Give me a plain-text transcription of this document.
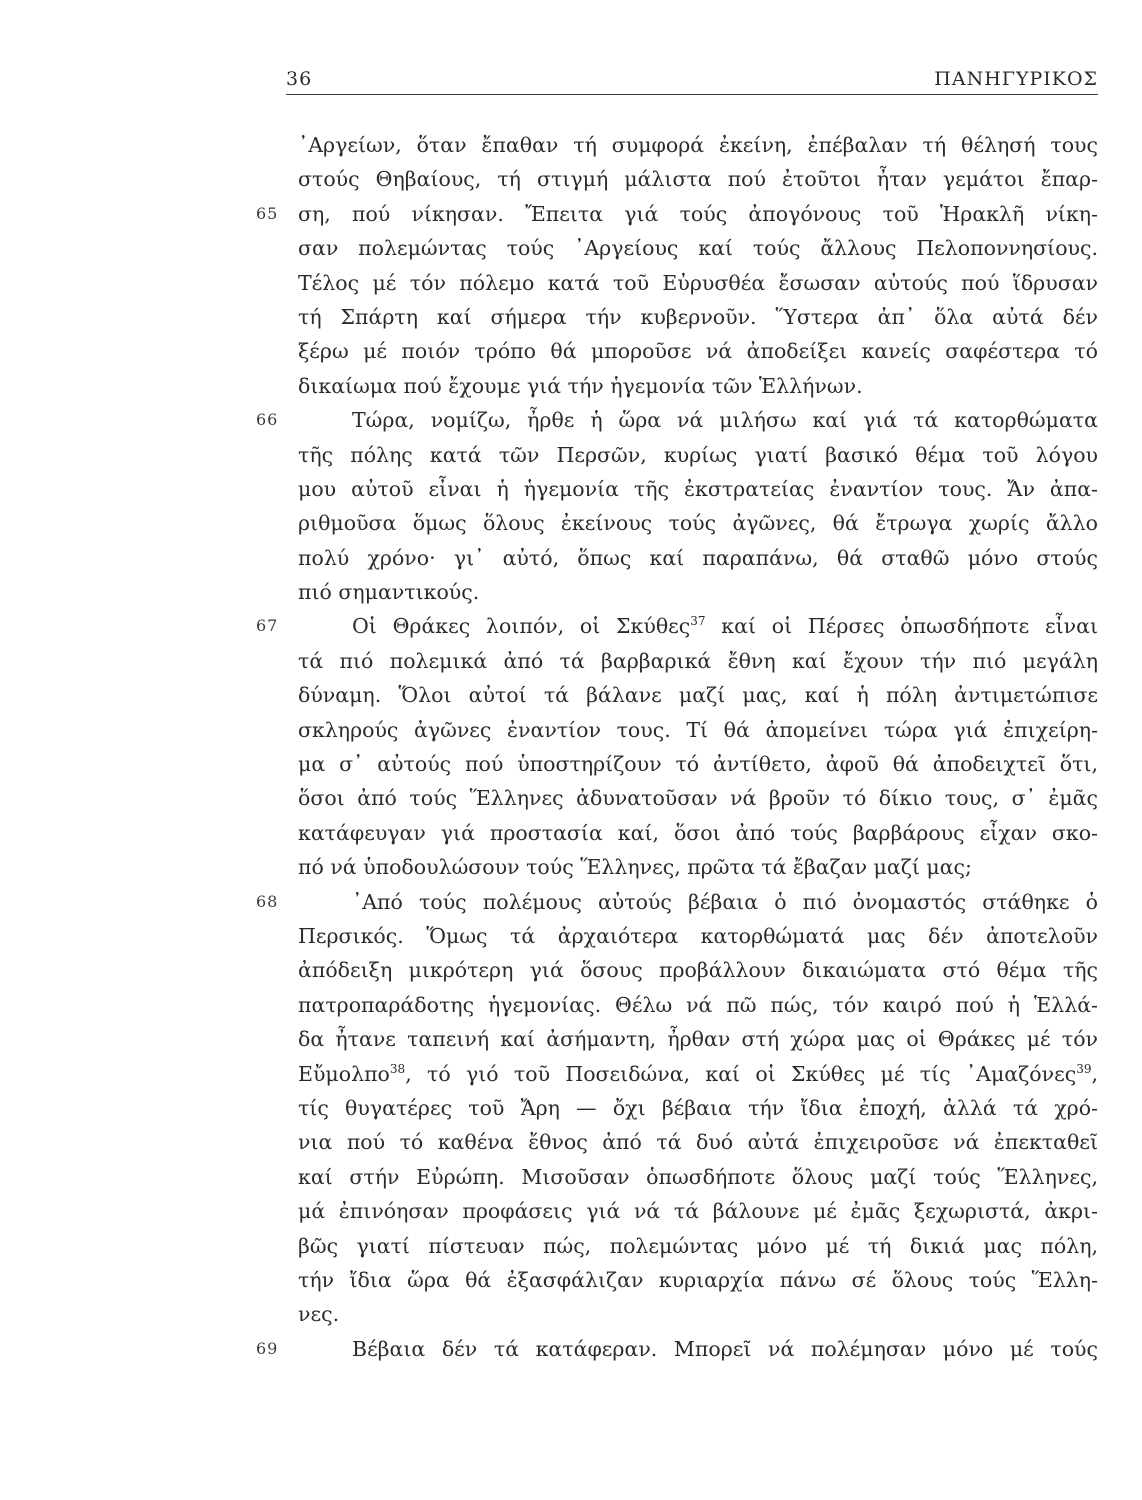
36	ΠΑΝΗΓΥΡΙΚΟΣ
᾿Αργείων, ὅταν ἔπαθαν τή συμφορά ἐκείνη, ἐπέβαλαν τή θέλησή τους
στούς Θηβαίους, τή στιγμή μάλιστα πού ἐτοῦτοι ἦταν γεμάτοι ἔπαρ-
65 ση, πού νίκησαν. Ἔπειτα γιά τούς ἀπογόνους τοῦ Ἡρακλῆ νίκη-
σαν πολεμώντας τούς ᾿Αργείους καί τούς ἄλλους Πελοποννησίους.
Τέλος μέ τόν πόλεμο κατά τοῦ Εὐρυσθέα ἔσωσαν αὐτούς πού ἵδρυσαν
τή Σπάρτη καί σήμερα τήν κυβερνοῦν. Ὕστερα ἀπ᾿ ὅλα αὐτά δέν
ξέρω μέ ποιόν τρόπο θά μποροῦσε νά ἀποδείξει κανείς σαφέστερα τό
δικαίωμα πού ἔχουμε γιά τήν ἡγεμονία τῶν Ἑλλήνων.
66	Τώρα, νομίζω, ἦρθε ἡ ὥρα νά μιλήσω καί γιά τά κατορθώματα
τῆς πόλης κατά τῶν Περσῶν, κυρίως γιατί βασικό θέμα τοῦ λόγου
μου αὐτοῦ εἶναι ἡ ἡγεμονία τῆς ἐκστρατείας ἐναντίον τους. Ἄν ἀπα-
ριθμοῦσα ὅμως ὅλους ἐκείνους τούς ἀγῶνες, θά ἔτρωγα χωρίς ἄλλο
πολύ χρόνο· γι᾿ αὐτό, ὅπως καί παραπάνω, θά σταθῶ μόνο στούς
πιό σημαντικούς.
67	Οἱ Θράκες λοιπόν, οἱ Σκύθες$^{37}$ καί οἱ Πέρσες ὁπωσδήποτε εἶναι
τά πιό πολεμικά ἀπό τά βαρβαρικά ἔθνη καί ἔχουν τήν πιό μεγάλη
δύναμη. Ὅλοι αὐτοί τά βάλανε μαζί μας, καί ἡ πόλη ἀντιμετώπισε
σκληρούς ἀγῶνες ἐναντίον τους. Τί θά ἀπομείνει τώρα γιά ἐπιχείρη-
μα σ᾿ αὐτούς πού ὑποστηρίζουν τό ἀντίθετο, ἀφοῦ θά ἀποδειχτεῖ ὅτι,
ὅσοι ἀπό τούς Ἕλληνες ἀδυνατοῦσαν νά βροῦν τό δίκιο τους, σ᾿ ἐμᾶς
κατάφευγαν γιά προστασία καί, ὅσοι ἀπό τούς βαρβάρους εἶχαν σκο-
πό νά ὑποδουλώσουν τούς Ἕλληνες, πρῶτα τά ἔβαζαν μαζί μας;
68	᾿Από τούς πολέμους αὐτούς βέβαια ὁ πιό ὀνομαστός στάθηκε ὁ
Περσικός. Ὅμως τά ἀρχαιότερα κατορθώματά μας δέν ἀποτελοῦν
ἀπόδειξη μικρότερη γιά ὅσους προβάλλουν δικαιώματα στό θέμα τῆς
πατροπαράδοτης ἡγεμονίας. Θέλω νά πῶ πώς, τόν καιρό πού ἡ Ἑλλά-
δα ἦτανε ταπεινή καί ἀσήμαντη, ἦρθαν στή χώρα μας οἱ Θράκες μέ τόν
Εὔμολπο$^{38}$, τό γιό τοῦ Ποσειδώνα, καί οἱ Σκύθες μέ τίς ᾿Αμαζόνες$^{39}$,
τίς θυγατέρες τοῦ Ἄρη — ὄχι βέβαια τήν ἴδια ἐποχή, ἀλλά τά χρό-
νια πού τό καθένα ἔθνος ἀπό τά δυό αὐτά ἐπιχειροῦσε νά ἐπεκταθεῖ
καί στήν Εὐρώπη. Μισοῦσαν ὁπωσδήποτε ὅλους μαζί τούς Ἕλληνες,
μά ἐπινόησαν προφάσεις γιά νά τά βάλουνε μέ ἐμᾶς ξεχωριστά, ἀκρι-
βῶς γιατί πίστευαν πώς, πολεμώντας μόνο μέ τή δικιά μας πόλη,
τήν ἴδια ὥρα θά ἐξασφάλιζαν κυριαρχία πάνω σέ ὅλους τούς Ἕλλη-
νες.
69	Βέβαια δέν τά κατάφεραν. Μπορεῖ νά πολέμησαν μόνο μέ τούς
